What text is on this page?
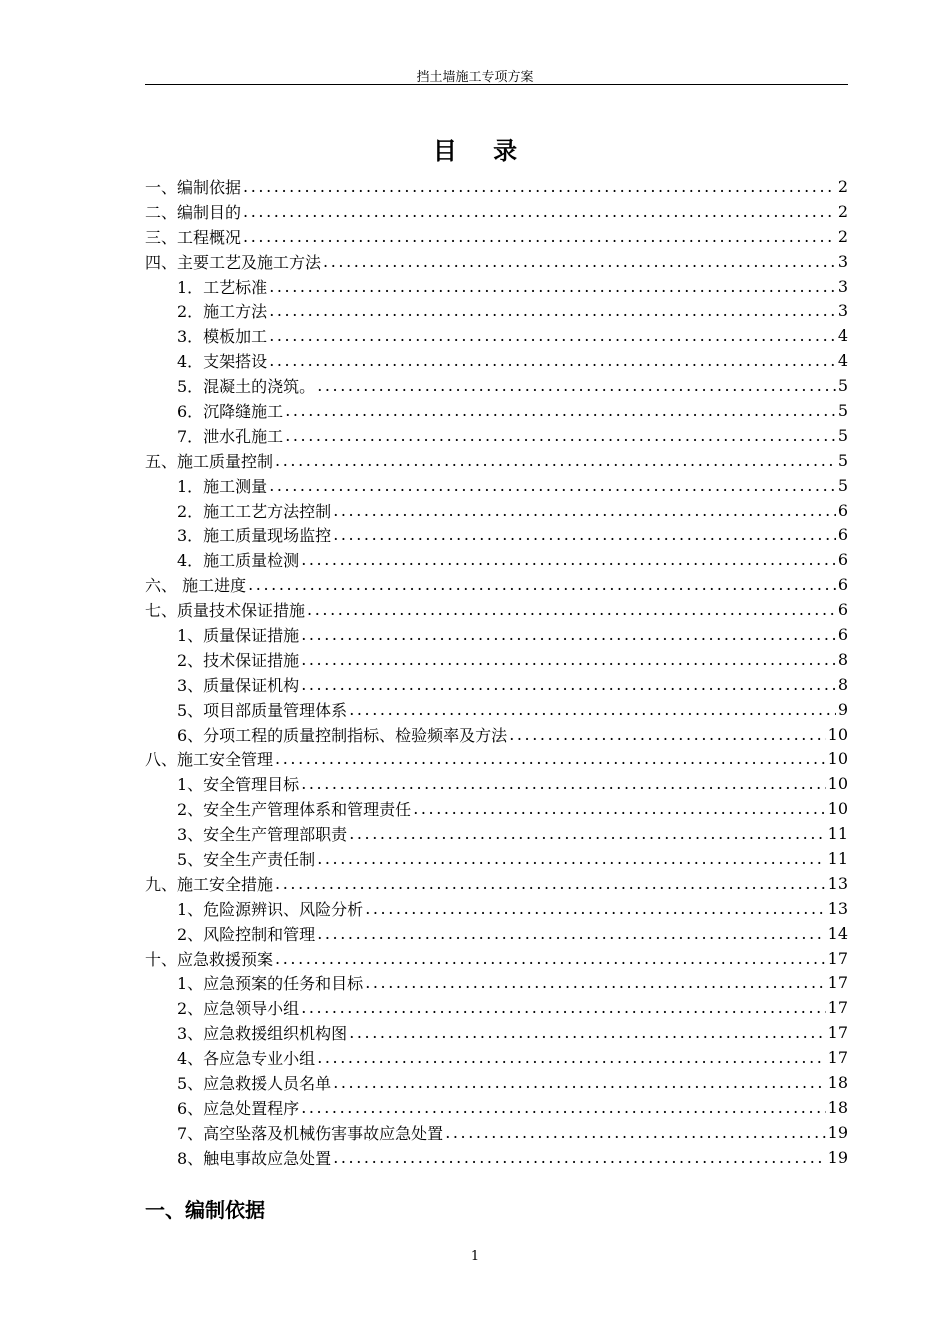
挡土墙施工专项方案
目 录
一、编制依据 .....	2
二、编制目的 .....	2
三、工程概况 .....	2
四、主要工艺及施工方法 .....	3
1．工艺标准 .....	3
2．施工方法 .....	3
3．模板加工 .....	4
4．支架搭设 .....	4
5．混凝土的浇筑。 .....	5
6．沉降缝施工 .....	5
7．泄水孔施工 .....	5
五、施工质量控制 .....	5
1．施工测量 .....	5
2．施工工艺方法控制 .....	6
3．施工质量现场监控 .....	6
4．施工质量检测 .....	6
六、 施工进度 .....	6
七、质量技术保证措施 .....	6
1、质量保证措施 .....	6
2、技术保证措施 .....	8
3、质量保证机构 .....	8
5、项目部质量管理体系 .....	9
6、分项工程的质量控制指标、检验频率及方法 .....	10
八、施工安全管理 .....	10
1、安全管理目标 .....	10
2、安全生产管理体系和管理责任 .....	10
3、安全生产管理部职责 .....	11
5、安全生产责任制 .....	11
九、施工安全措施 .....	13
1、危险源辨识、风险分析 .....	13
2、风险控制和管理 .....	14
十、应急救援预案 .....	17
1、应急预案的任务和目标 .....	17
2、应急领导小组 .....	17
3、应急救援组织机构图 .....	17
4、各应急专业小组 .....	17
5、应急救援人员名单 .....	18
6、应急处置程序 .....	18
7、高空坠落及机械伤害事故应急处置 .....	19
8、触电事故应急处置 .....	19
一、编制依据
1
